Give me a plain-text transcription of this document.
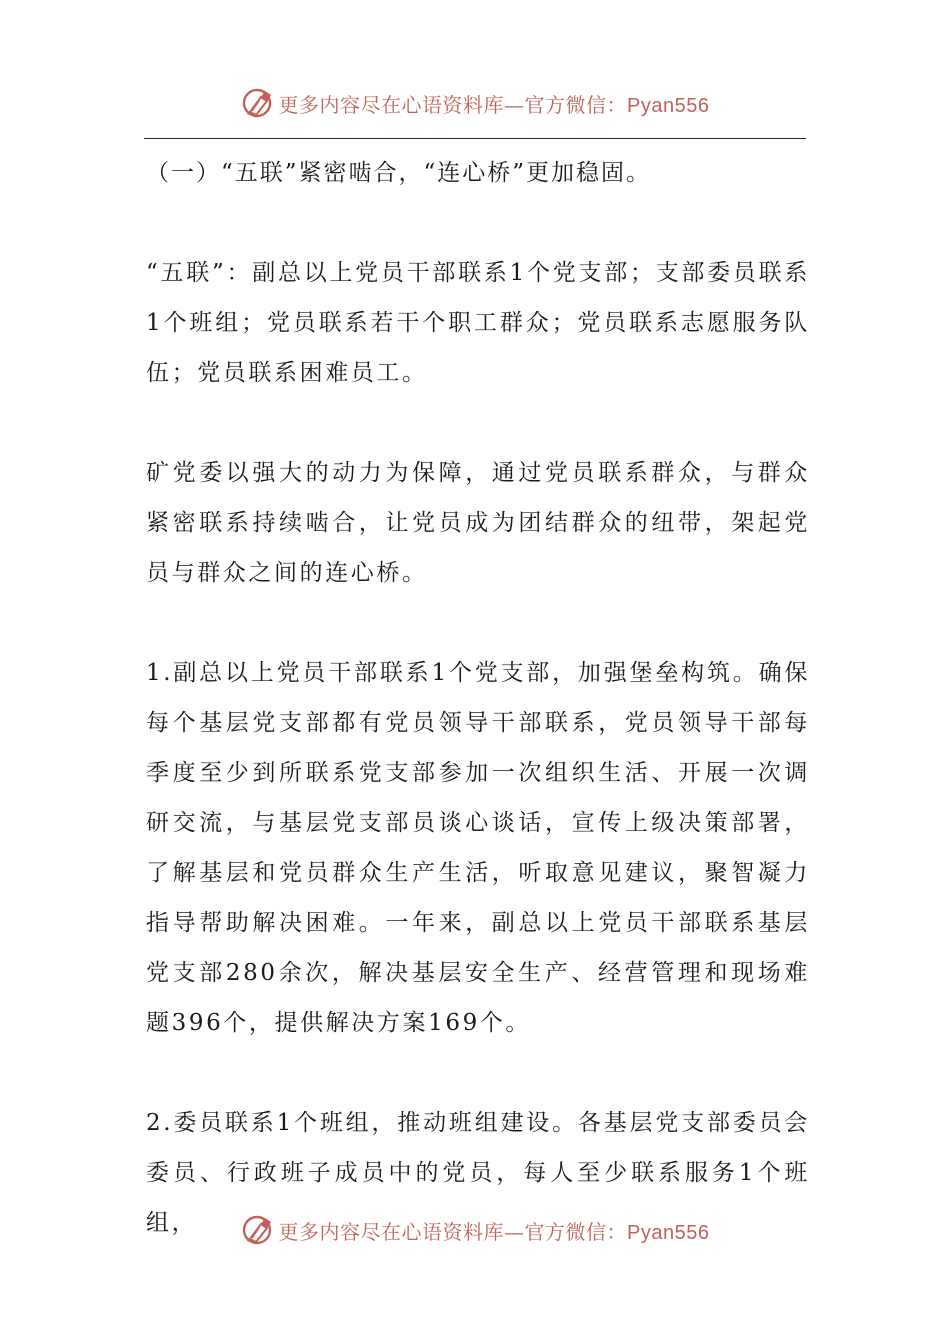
更多内容尽在心语资料库—官方微信：Pyan556

（一）“五联”紧密啮合，“连心桥”更加稳固。

“五联”：副总以上党员干部联系1个党支部；支部委员联系1个班组；党员联系若干个职工群众；党员联系志愿服务队伍；党员联系困难员工。

矿党委以强大的动力为保障，通过党员联系群众，与群众紧密联系持续啮合，让党员成为团结群众的纽带，架起党员与群众之间的连心桥。

1.副总以上党员干部联系1个党支部，加强堡垒构筑。确保每个基层党支部都有党员领导干部联系，党员领导干部每季度至少到所联系党支部参加一次组织生活、开展一次调研交流，与基层党支部员谈心谈话，宣传上级决策部署，了解基层和党员群众生产生活，听取意见建议，聚智凝力指导帮助解决困难。一年来，副总以上党员干部联系基层党支部280余次，解决基层安全生产、经营管理和现场难题396个，提供解决方案169个。

2.委员联系1个班组，推动班组建设。各基层党支部委员会委员、行政班子成员中的党员，每人至少联系服务1个班组，	更多内容尽在心语资料库—官方微信：Pyan556
